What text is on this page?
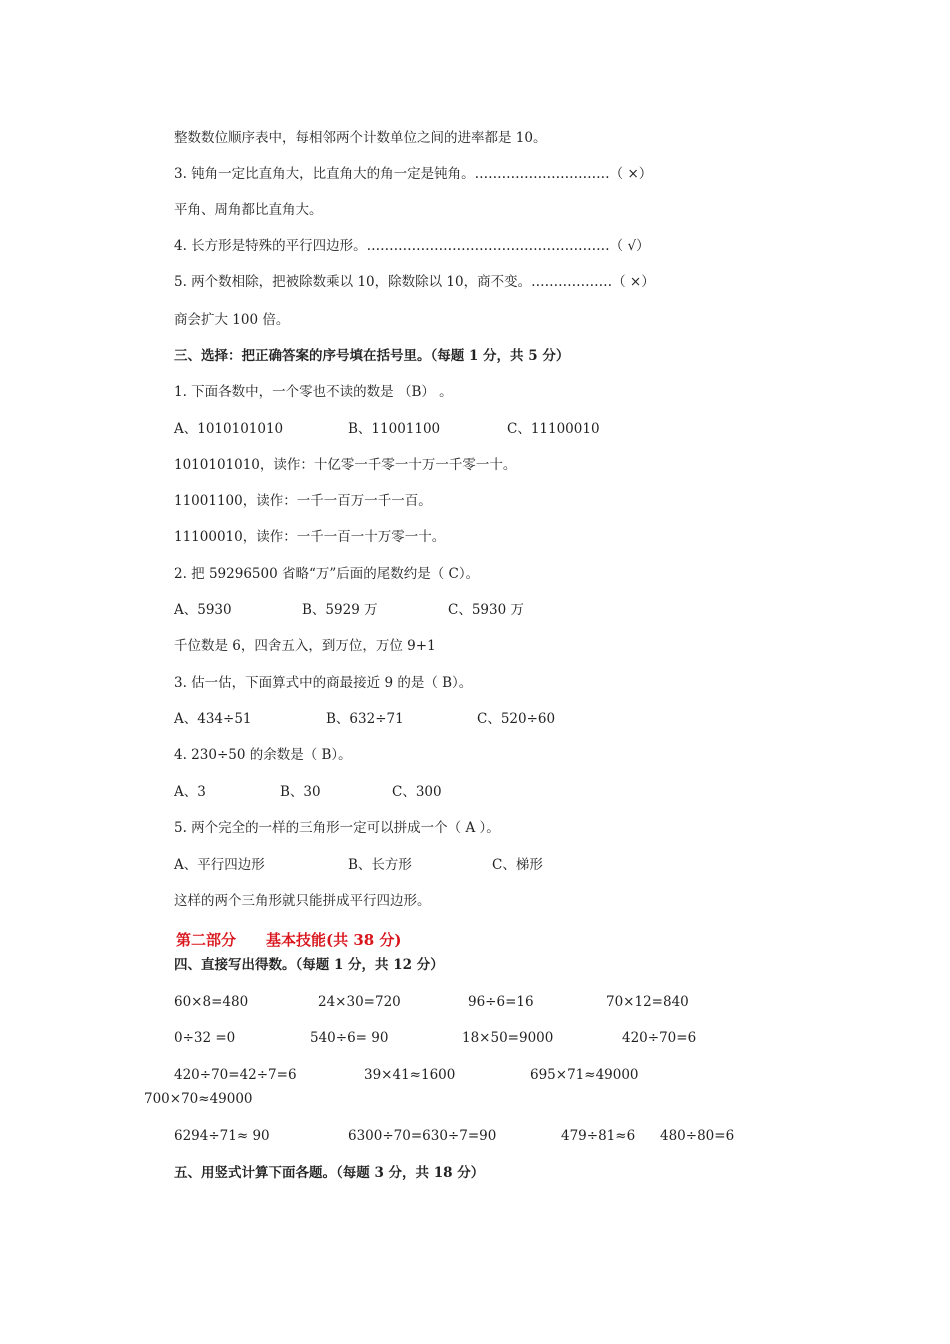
整数数位顺序表中，每相邻两个计数单位之间的进率都是 10。

3. 钝角一定比直角大，比直角大的角一定是钝角。…………………………（ ×）

平角、周角都比直角大。

4. 长方形是特殊的平行四边形。………………………………………………（ √）

5. 两个数相除，把被除数乘以 10，除数除以 10，商不变。………………（ ×）

商会扩大 100 倍。

三、选择：把正确答案的序号填在括号里。（每题 1 分，共 5 分）

1. 下面各数中，一个零也不读的数是 （B） 。

A、1010101010	B、11001100	C、11100010

1010101010，读作：十亿零一千零一十万一千零一十。

11001100，读作：一千一百万一千一百。

11100010，读作：一千一百一十万零一十。

2. 把 59296500 省略“万”后面的尾数约是（ C）。

A、5930	B、5929 万	C、5930 万

千位数是 6，四舍五入，到万位，万位 9+1

3. 估一估，下面算式中的商最接近 9 的是（ B）。

A、434÷51	B、632÷71	C、520÷60

4. 230÷50 的余数是（ B）。

A、3	B、30	C、300

5. 两个完全的一样的三角形一定可以拼成一个（ A ）。

A、平行四边形	B、长方形	C、梯形

这样的两个三角形就只能拼成平行四边形。

第二部分　　基本技能(共 38 分)

四、直接写出得数。（每题 1 分，共 12 分）

60×8=480	24×30=720	96÷6=16	70×12=840
0÷32 =0	540÷6= 90	18×50=9000	420÷70=6
420÷70=42÷7=6	39×41≈1600	695×71≈49000
700×70≈49000
6294÷71≈ 90	6300÷70=630÷7=90	479÷81≈6 480÷80=6

五、用竖式计算下面各题。（每题 3 分，共 18 分）
